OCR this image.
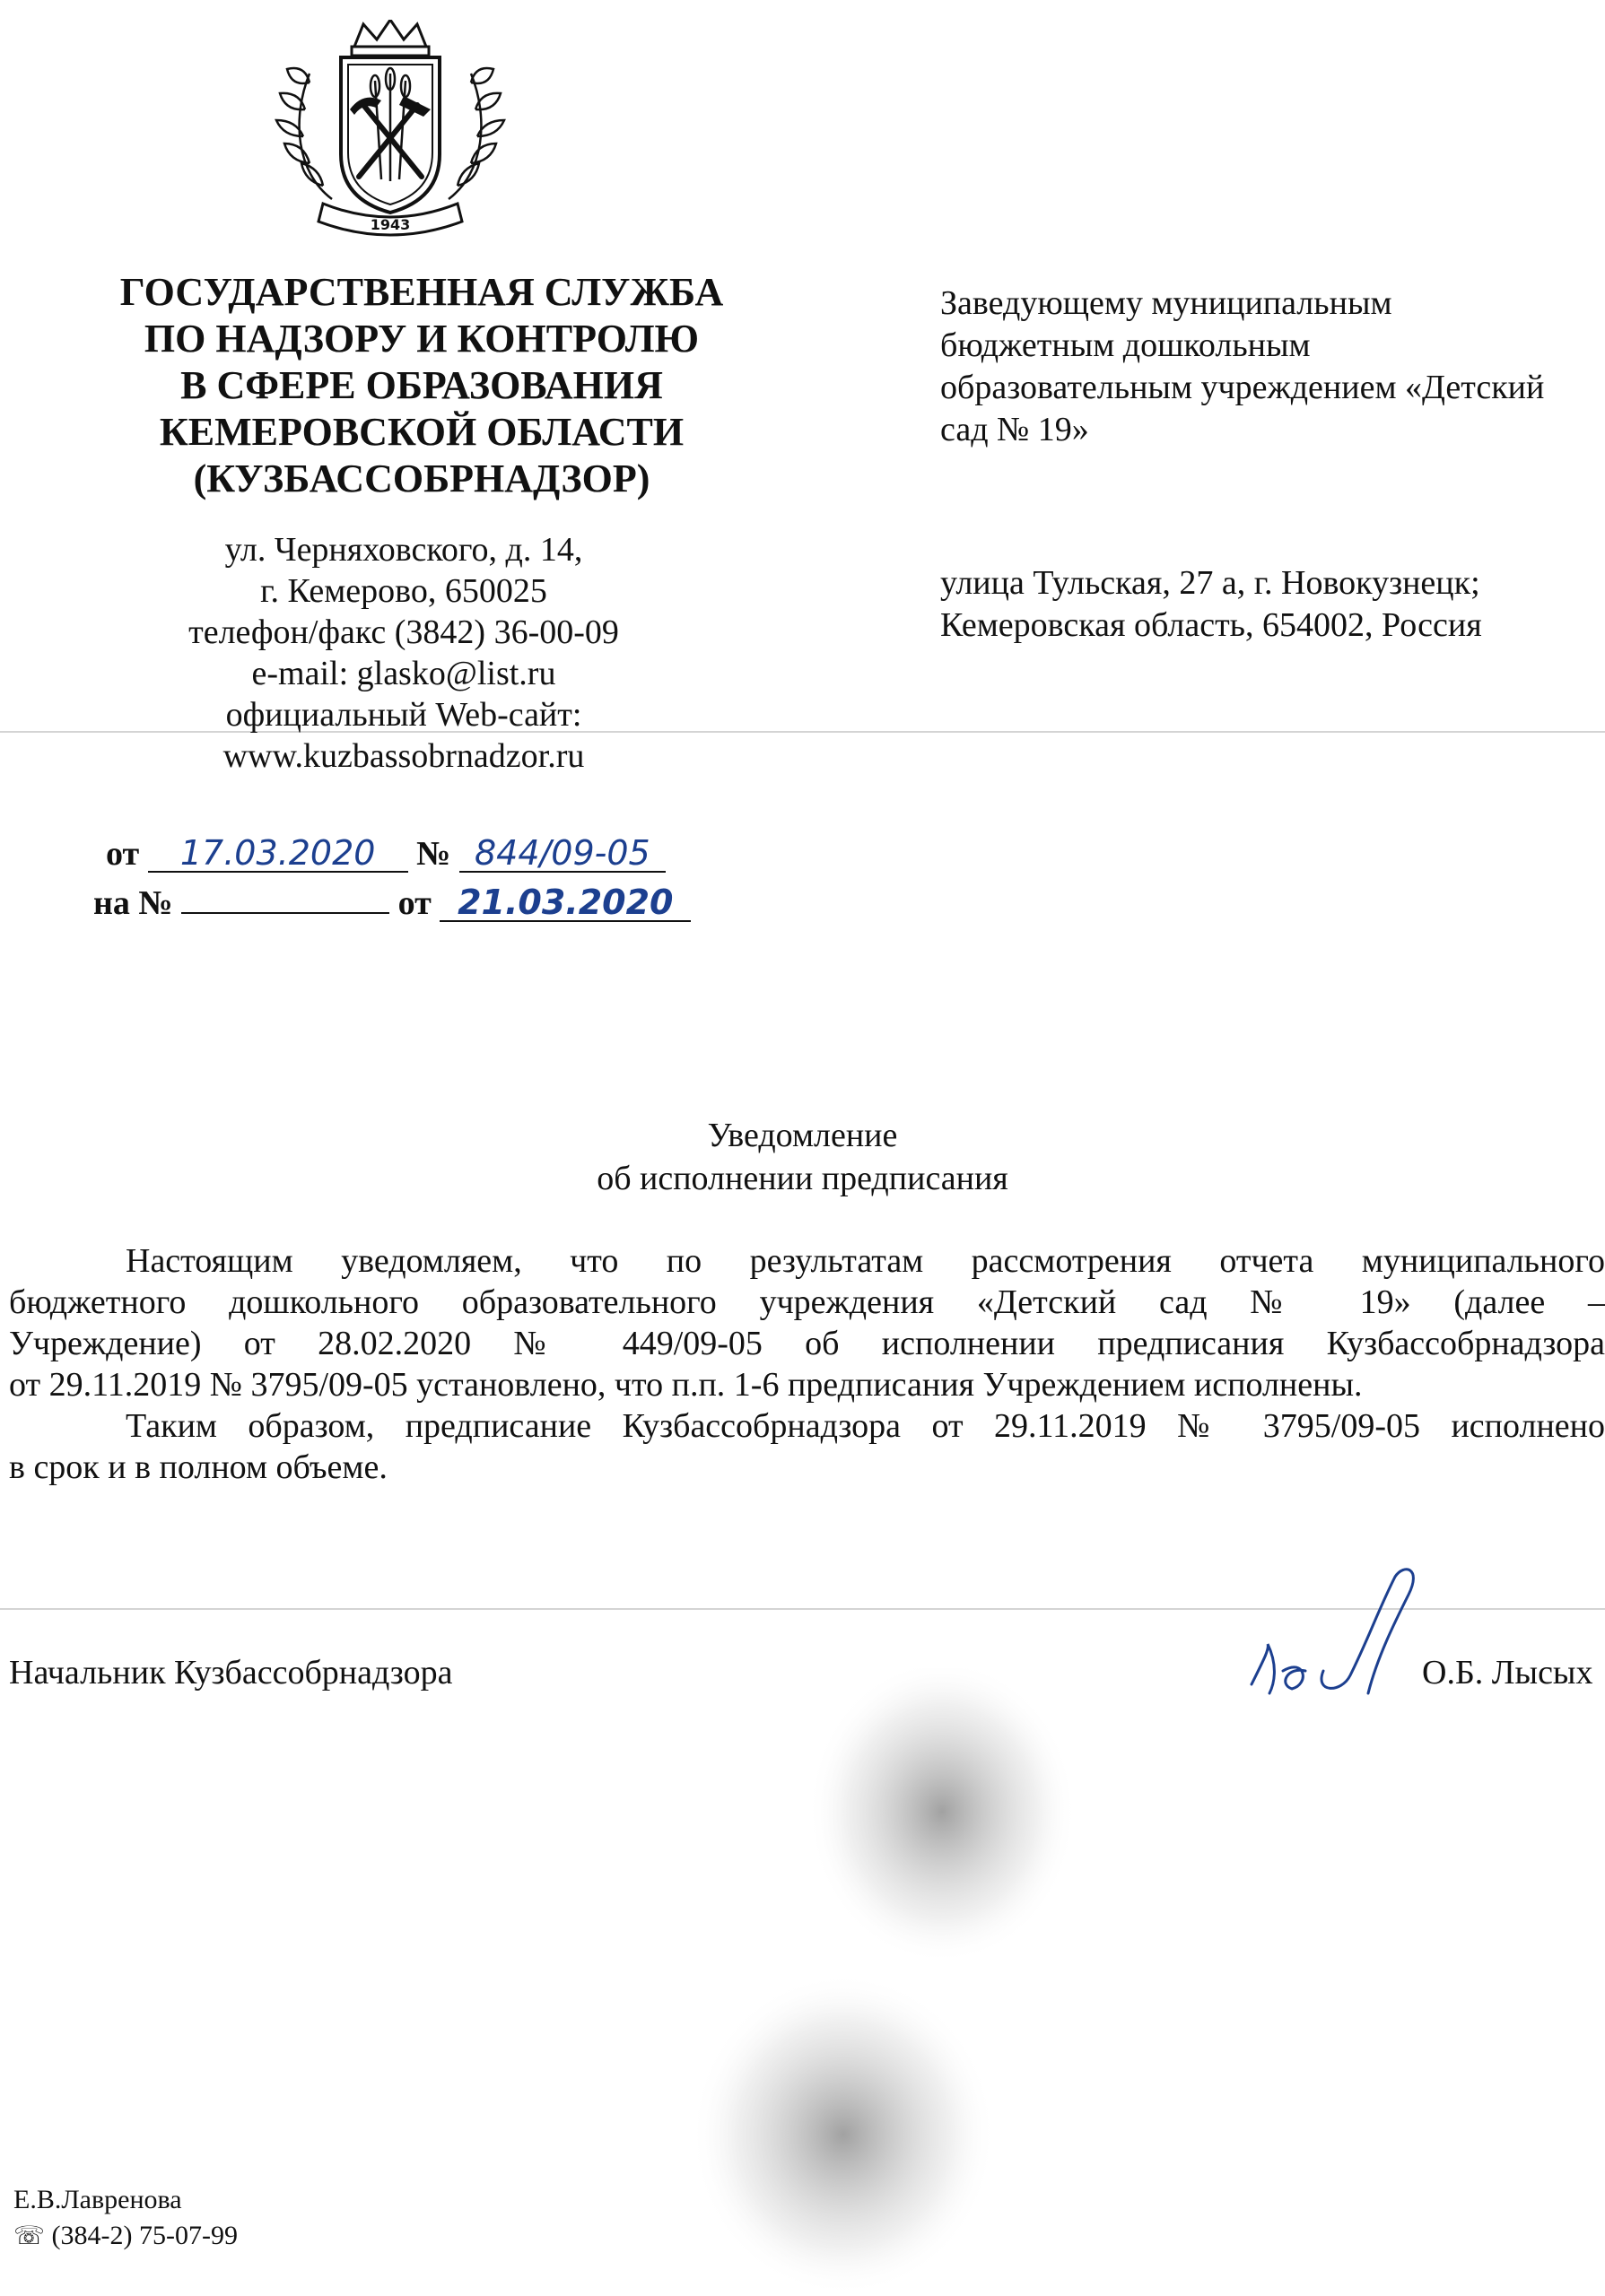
1943
ГОСУДАРСТВЕННАЯ СЛУЖБА
ПО НАДЗОРУ И КОНТРОЛЮ
В СФЕРЕ ОБРАЗОВАНИЯ
КЕМЕРОВСКОЙ ОБЛАСТИ
(КУЗБАССОБРНАДЗОР)
ул. Черняховского, д. 14,
г. Кемерово, 650025
телефон/факс (3842) 36-00-09
e-mail: glasko@list.ru
официальный Web-сайт:
www.kuzbassobrnadzor.ru
от 17.03.2020 № 844/09-05
на №	от 21.03.2020
Заведующему муниципальным
бюджетным дошкольным
образовательным учреждением «Детский
сад № 19»
улица Тульская, 27 а, г. Новокузнецк;
Кемеровская область, 654002, Россия
Уведомление
об исполнении предписания
Настоящим уведомляем, что по результатам рассмотрения отчета муниципального
бюджетного дошкольного образовательного учреждения «Детский сад № 19» (далее –
Учреждение) от 28.02.2020 № 449/09-05 об исполнении предписания Кузбассобрнадзора
от 29.11.2019 № 3795/09-05 установлено, что п.п. 1-6 предписания Учреждением исполнены.
Таким образом, предписание Кузбассобрнадзора от 29.11.2019 № 3795/09-05 исполнено
в срок и в полном объеме.
Начальник Кузбассобрнадзора	О.Б. Лысых
Е.В.Лавренова
☏ (384-2) 75-07-99
